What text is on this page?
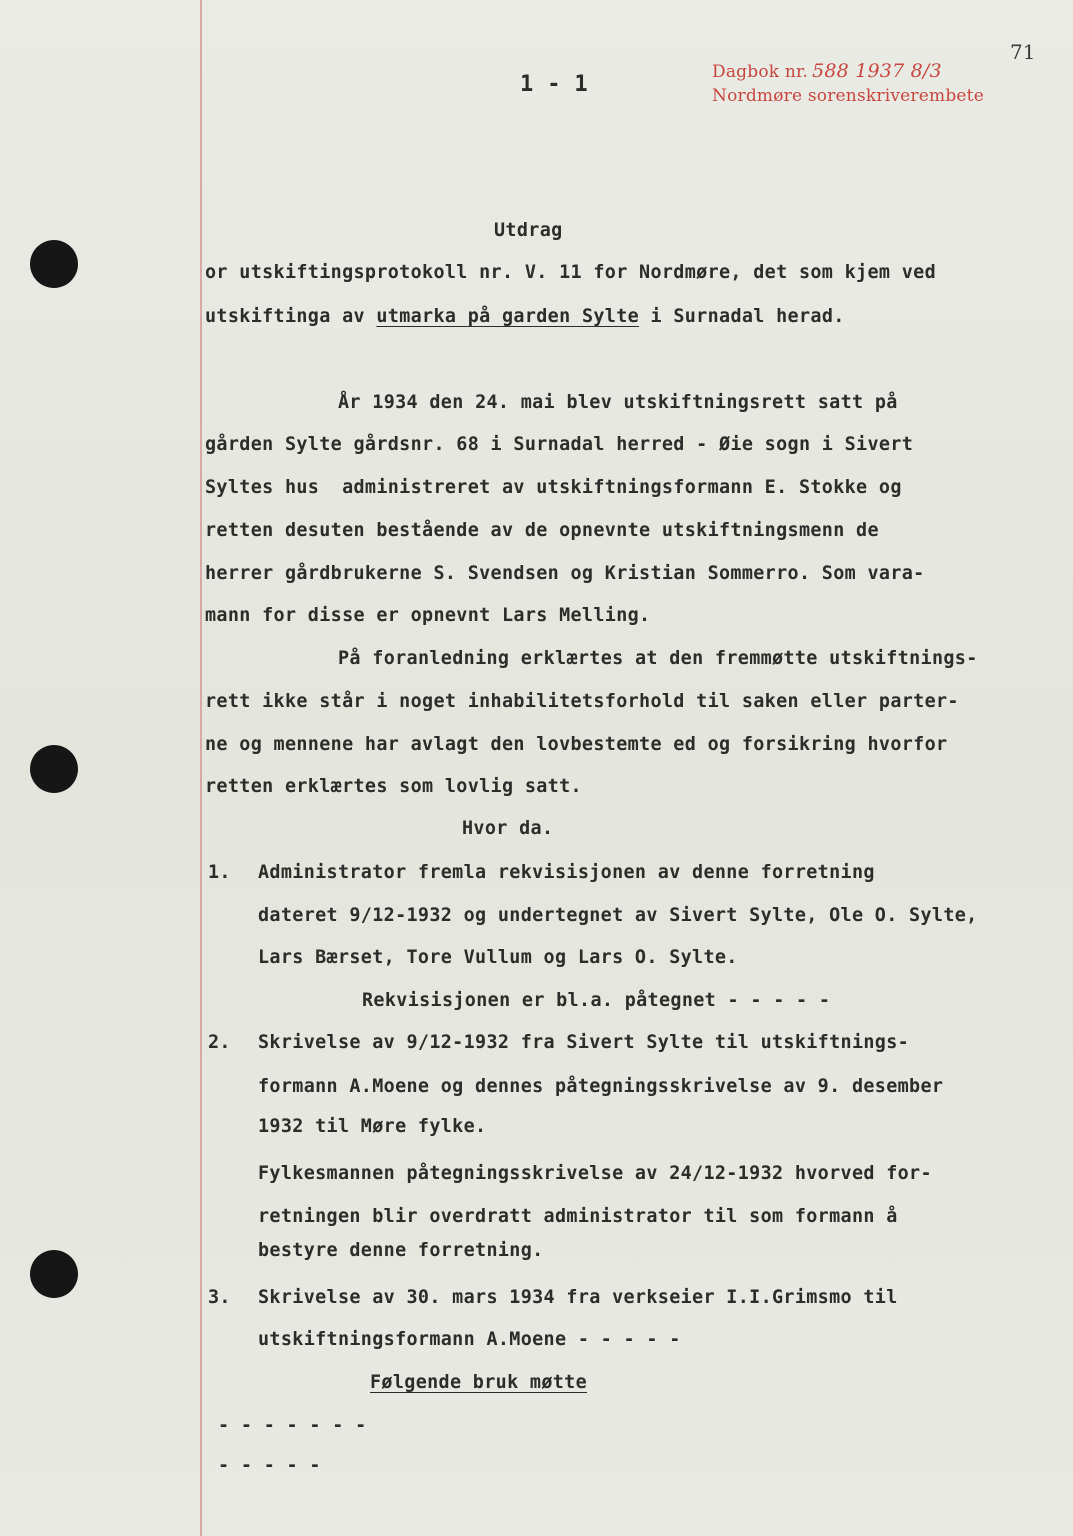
1 - 1	Dagbok nr. 588 1937 8/3
Nordmøre sorenskriverembete
71
Utdrag
or utskiftingsprotokoll nr. V. 11 for Nordmøre, det som kjem ved
utskiftinga av utmarka på garden Sylte i Surnadal herad.
År 1934 den 24. mai blev utskiftningsrett satt på
gården Sylte gårdsnr. 68 i Surnadal herred - Øie sogn i Sivert
Syltes hus  administreret av utskiftningsformann E. Stokke og
retten desuten bestående av de opnevnte utskiftningsmenn de
herrer gårdbrukerne S. Svendsen og Kristian Sommerro. Som vara-
mann for disse er opnevnt Lars Melling.
På foranledning erklærtes at den fremmøtte utskiftnings-
rett ikke står i noget inhabilitetsforhold til saken eller parter-
ne og mennene har avlagt den lovbestemte ed og forsikring hvorfor
retten erklærtes som lovlig satt.
Hvor da.
1. Administrator fremla rekvisisjonen av denne forretning
dateret 9/12-1932 og undertegnet av Sivert Sylte, Ole O. Sylte,
Lars Bærset, Tore Vullum og Lars O. Sylte.
Rekvisisjonen er bl.a. påtegnet - - - - -
2. Skrivelse av 9/12-1932 fra Sivert Sylte til utskiftnings-
formann A.Moene og dennes påtegningsskrivelse av 9. desember
1932 til Møre fylke.
Fylkesmannen påtegningsskrivelse av 24/12-1932 hvorved for-
retningen blir overdratt administrator til som formann å
bestyre denne forretning.
3. Skrivelse av 30. mars 1934 fra verkseier I.I.Grimsmo til
utskiftningsformann A.Moene - - - - -
Følgende bruk møtte
- - - - - - -
- - - - -
